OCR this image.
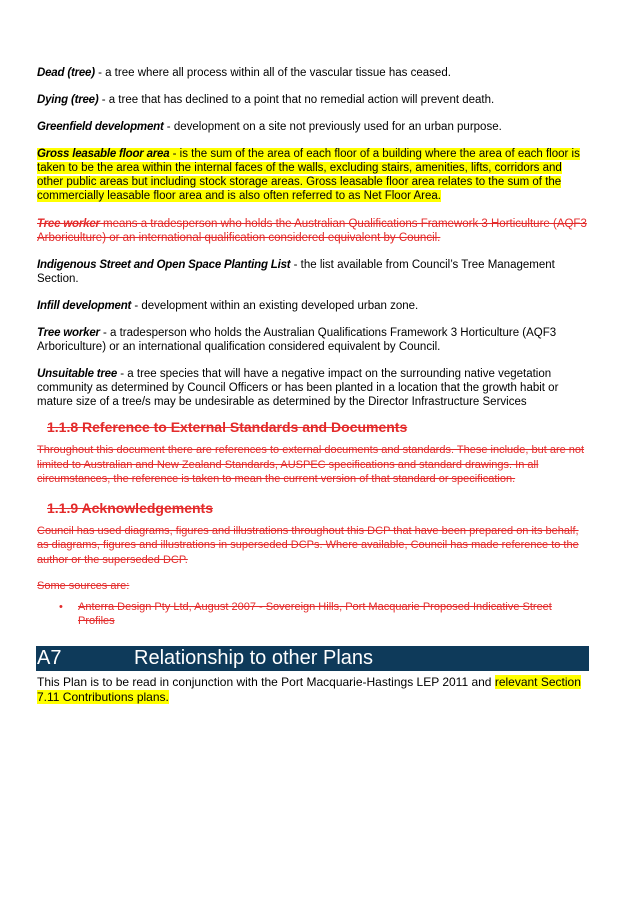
Dead (tree) - a tree where all process within all of the vascular tissue has ceased.

Dying (tree) - a tree that has declined to a point that no remedial action will prevent death.

Greenfield development - development on a site not previously used for an urban purpose.

Gross leasable floor area - is the sum of the area of each floor of a building where the area of each floor is taken to be the area within the internal faces of the walls, excluding stairs, amenities, lifts, corridors and other public areas but including stock storage areas. Gross leasable floor area relates to the sum of the commercially leasable floor area and is also often referred to as Net Floor Area.

Tree worker means a tradesperson who holds the Australian Qualifications Framework 3 Horticulture (AQF3 Arboriculture) or an international qualification considered equivalent by Council.

Indigenous Street and Open Space Planting List - the list available from Council’s Tree Management Section.

Infill development - development within an existing developed urban zone.

Tree worker - a tradesperson who holds the Australian Qualifications Framework 3 Horticulture (AQF3 Arboriculture) or an international qualification considered equivalent by Council.

Unsuitable tree - a tree species that will have a negative impact on the surrounding native vegetation community as determined by Council Officers or has been planted in a location that the growth habit or mature size of a tree/s may be undesirable as determined by the Director Infrastructure Services

1.1.8 Reference to External Standards and Documents

Throughout this document there are references to external documents and standards. These include, but are not limited to Australian and New Zealand Standards, AUSPEC specifications and standard drawings. In all circumstances, the reference is taken to mean the current version of that standard or specification.

1.1.9 Acknowledgements

Council has used diagrams, figures and illustrations throughout this DCP that have been prepared on its behalf, as diagrams, figures and illustrations in superseded DCPs. Where available, Council has made reference to the author or the superseded DCP.

Some sources are:

• Anterra Design Pty Ltd, August 2007 - Sovereign Hills, Port Macquarie Proposed Indicative Street Profiles
A7	Relationship to other Plans

This Plan is to be read in conjunction with the Port Macquarie-Hastings LEP 2011 and relevant Section 7.11 Contributions plans.
